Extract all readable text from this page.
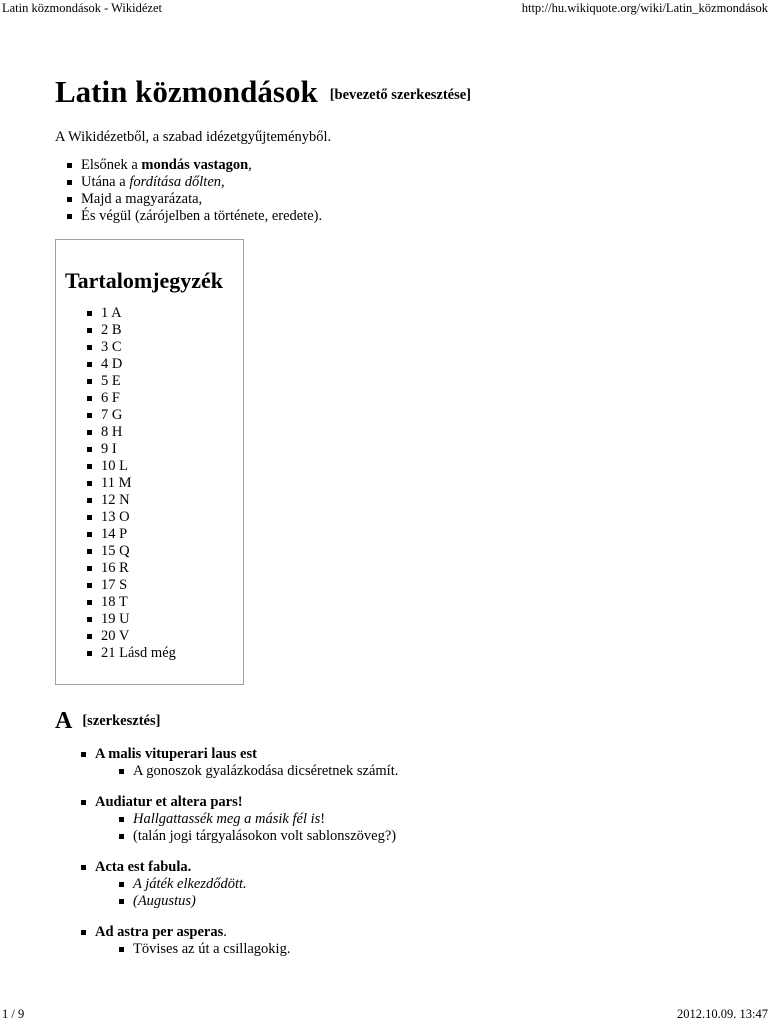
Latin közmondások - Wikidézet	http://hu.wikiquote.org/wiki/Latin_közmondások
Latin közmondások [bevezető szerkesztése]
A Wikidézetből, a szabad idézetgyűjteményből.
Elsőnek a mondás vastagon,
Utána a fordítása dőlten,
Majd a magyarázata,
És végül (zárójelben a története, eredete).
Tartalomjegyzék
1 A
2 B
3 C
4 D
5 E
6 F
7 G
8 H
9 I
10 L
11 M
12 N
13 O
14 P
15 Q
16 R
17 S
18 T
19 U
20 V
21 Lásd még
A [szerkesztés]
A malis vituperari laus est
A gonoszok gyalázkodása dicséretnek számít.
Audiatur et altera pars!
Hallgattassék meg a másik fél is!
(talán jogi tárgyalásokon volt sablonszöveg?)
Acta est fabula.
A játék elkezdődött.
(Augustus)
Ad astra per asperas.
Tövises az út a csillagokig.
1 / 9	2012.10.09. 13:47
